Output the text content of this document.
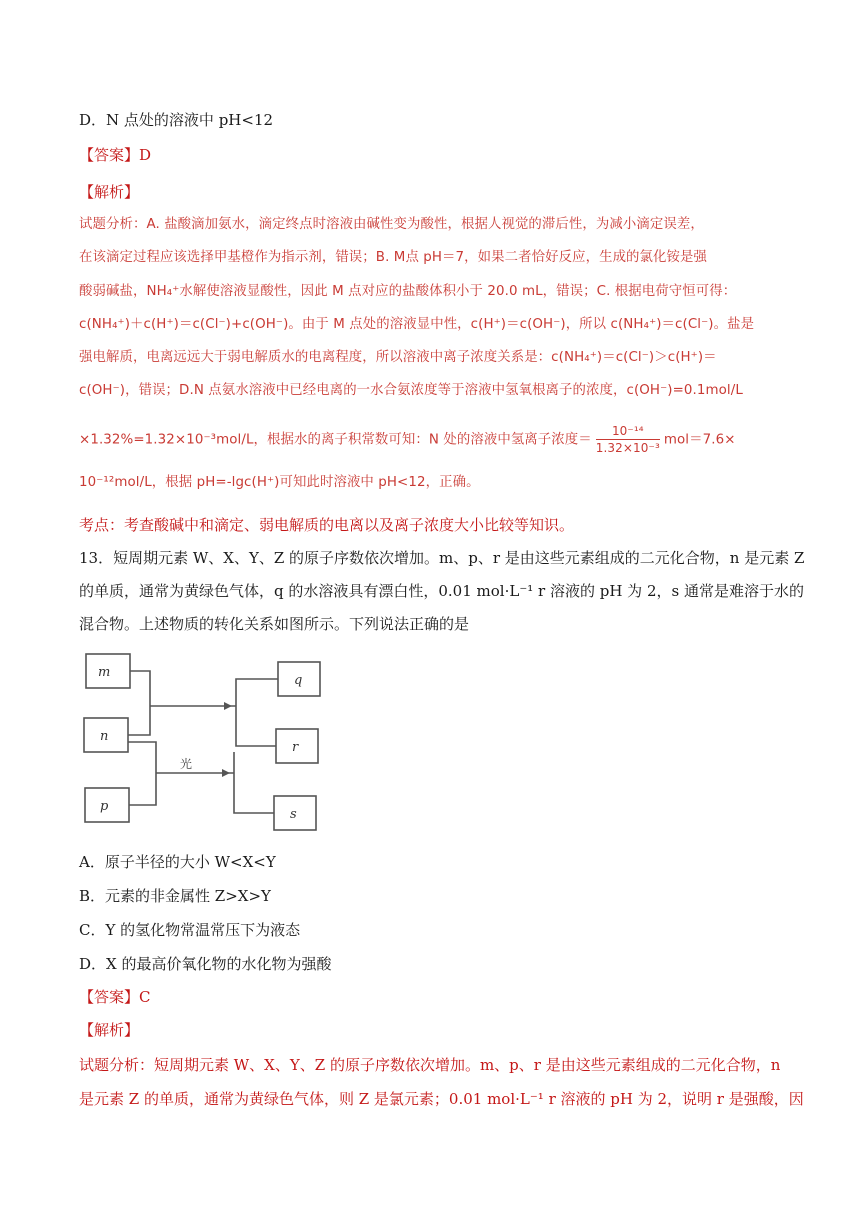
D．N 点处的溶液中 pH<12
【答案】D
【解析】
试题分析：A. 盐酸滴加氨水，滴定终点时溶液由碱性变为酸性，根据人视觉的滞后性，为减小滴定误差，
在该滴定过程应该选择甲基橙作为指示剂，错误；B. M点 pH＝7，如果二者恰好反应，生成的氯化铵是强
酸弱碱盐，NH₄⁺水解使溶液显酸性，因此 M 点对应的盐酸体积小于 20.0 mL，错误；C. 根据电荷守恒可得：
c(NH₄⁺)＋c(H⁺)＝c(Cl⁻)+c(OH⁻)。由于 M 点处的溶液显中性，c(H⁺)＝c(OH⁻)，所以 c(NH₄⁺)＝c(Cl⁻)。盐是
强电解质，电离远远大于弱电解质水的电离程度，所以溶液中离子浓度关系是：c(NH₄⁺)＝c(Cl⁻)＞c(H⁺)＝
c(OH⁻)，错误；D.N 点氨水溶液中已经电离的一水合氨浓度等于溶液中氢氧根离子的浓度，c(OH⁻)=0.1mol/L
×1.32%=1.32×10⁻³mol/L，根据水的离子积常数可知：N 处的溶液中氢离子浓度＝ $\frac{\text{10⁻¹⁴}}{\text{1.32×10⁻³}} mol=7.6\times$
10⁻¹²mol/L，根据 pH=-lgc(H⁺)可知此时溶液中 pH<12，正确。
考点：考查酸碱中和滴定、弱电解质的电离以及离子浓度大小比较等知识。
13．短周期元素 W、X、Y、Z 的原子序数依次增加。m、p、r 是由这些元素组成的二元化合物，n 是元素 Z
的单质，通常为黄绿色气体，q 的水溶液具有漂白性，0.01 mol·L⁻¹ r 溶液的 pH 为 2，s 通常是难溶于水的
混合物。上述物质的转化关系如图所示。下列说法正确的是
m
n
p
q
r
s
光
A．原子半径的大小 W<X<Y
B．元素的非金属性 Z>X>Y
C．Y 的氢化物常温常压下为液态
D．X 的最高价氧化物的水化物为强酸
【答案】C
【解析】
试题分析：短周期元素 W、X、Y、Z 的原子序数依次增加。m、p、r 是由这些元素组成的二元化合物，n
是元素 Z 的单质，通常为黄绿色气体，则 Z 是氯元素；0.01 mol·L⁻¹ r 溶液的 pH 为 2，说明 r 是强酸，因
